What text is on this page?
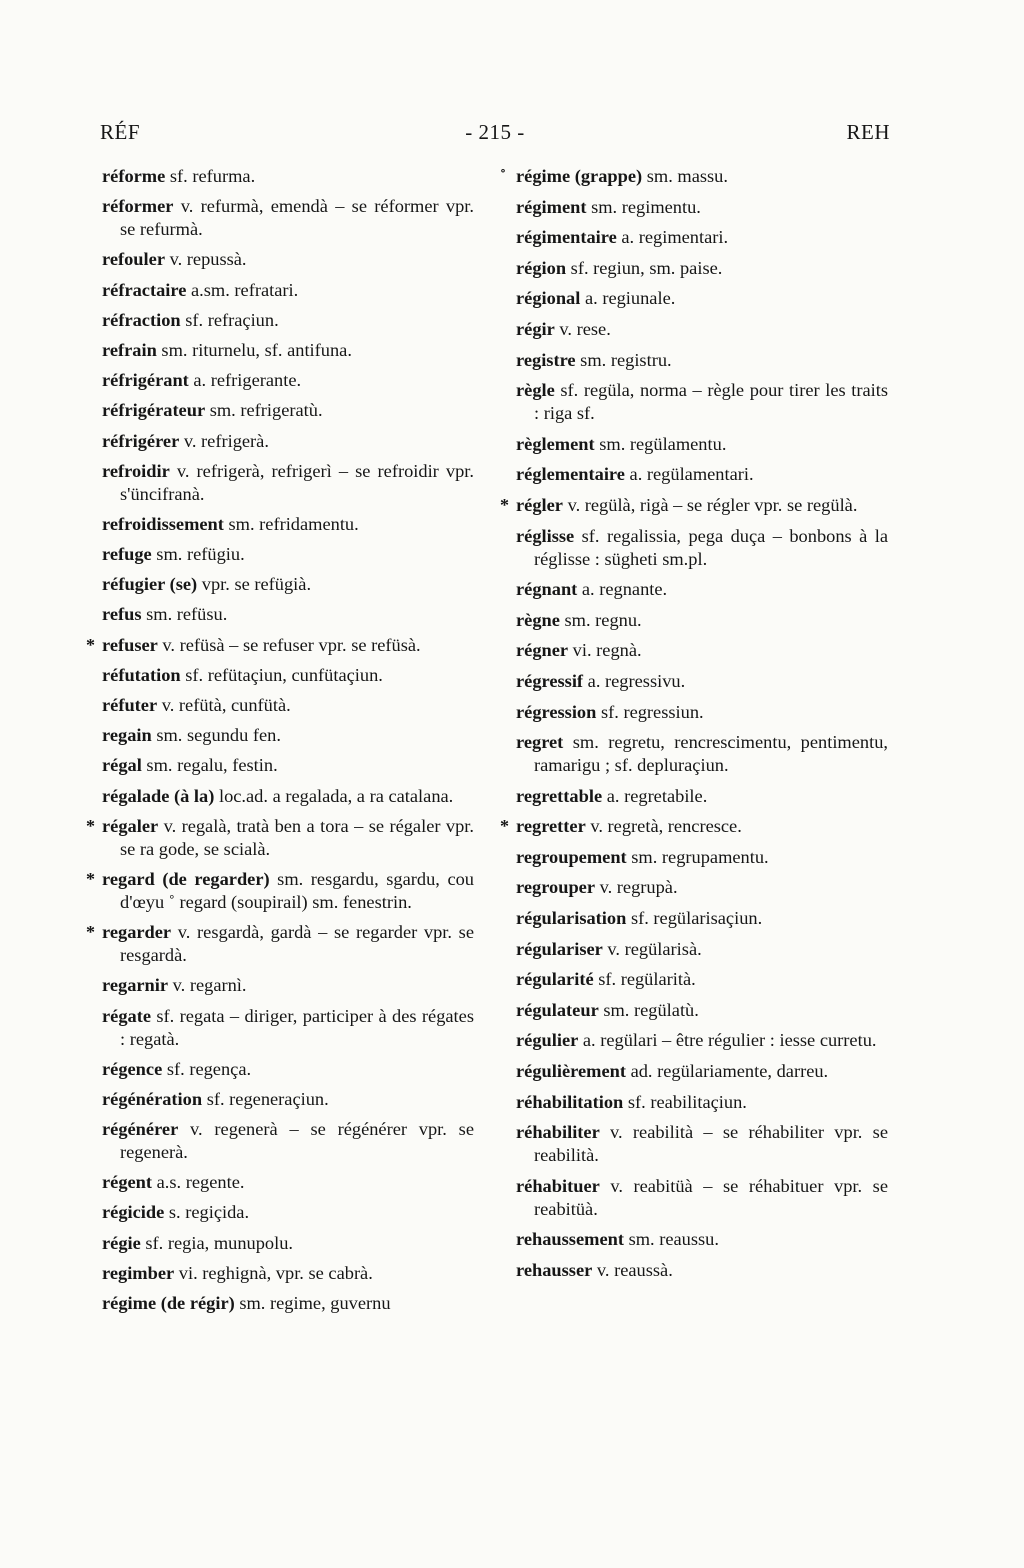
RÉF	- 215 -	REH
réforme sf. refurma.
réformer v. refurmà, emendà – se réformer vpr. se refurmà.
refouler v. repussà.
réfractaire a.sm. refratari.
réfraction sf. refraçiun.
refrain sm. riturnelu, sf. antifuna.
réfrigérant a. refrigerante.
réfrigérateur sm. refrigeratù.
réfrigérer v. refrigerà.
refroidir v. refrigerà, refrigerì – se refroidir vpr. s'üncifranà.
refroidissement sm. refridamentu.
refuge sm. refügiu.
réfugier (se) vpr. se refügià.
refus sm. refüsu.
* refuser v. refüsà – se refuser vpr. se refüsà.
réfutation sf. refütaçiun, cunfütaçiun.
réfuter v. refütà, cunfütà.
regain sm. segundu fen.
régal sm. regalu, festin.
régalade (à la) loc.ad. a regalada, a ra catalana.
* régaler v. regalà, tratà ben a tora – se régaler vpr. se ra gode, se scialà.
* regard (de regarder) sm. resgardu, sgardu, cou d'œyu ˚ regard (soupirail) sm. fenestrin.
* regarder v. resgardà, gardà – se regarder vpr. se resgardà.
regarnir v. regarnì.
régate sf. regata – diriger, participer à des régates : regatà.
régence sf. regença.
régénération sf. regeneraçiun.
régénérer v. regenerà – se régénérer vpr. se regenerà.
régent a.s. regente.
régicide s. regiçida.
régie sf. regia, munupolu.
regimber vi. reghignà, vpr. se cabrà.
régime (de régir) sm. regime, guvernu
˚ régime (grappe) sm. massu.
régiment sm. regimentu.
régimentaire a. regimentari.
région sf. regiun, sm. paise.
régional a. regiunale.
régir v. rese.
registre sm. registru.
règle sf. regüla, norma – règle pour tirer les traits : riga sf.
règlement sm. regülamentu.
réglementaire a. regülamentari.
* régler v. regülà, rigà – se régler vpr. se regülà.
réglisse sf. regalissia, pega duça – bonbons à la réglisse : sügheti sm.pl.
régnant a. regnante.
règne sm. regnu.
régner vi. regnà.
régressif a. regressivu.
régression sf. regressiun.
regret sm. regretu, rencrescimentu, pentimentu, ramarigu ; sf. depluraçiun.
regrettable a. regretabile.
* regretter v. regretà, rencresce.
regroupement sm. regrupamentu.
regrouper v. regrupà.
régularisation sf. regülarisaçiun.
régulariser v. regülarisà.
régularité sf. regülarità.
régulateur sm. regülatù.
régulier a. regülari – être régulier : iesse curretu.
régulièrement ad. regülariamente, darreu.
réhabilitation sf. reabilitaçiun.
réhabiliter v. reabilità – se réhabiliter vpr. se reabilità.
réhabituer v. reabitüà – se réhabituer vpr. se reabitüà.
rehaussement sm. reaussu.
rehausser v. reaussà.
